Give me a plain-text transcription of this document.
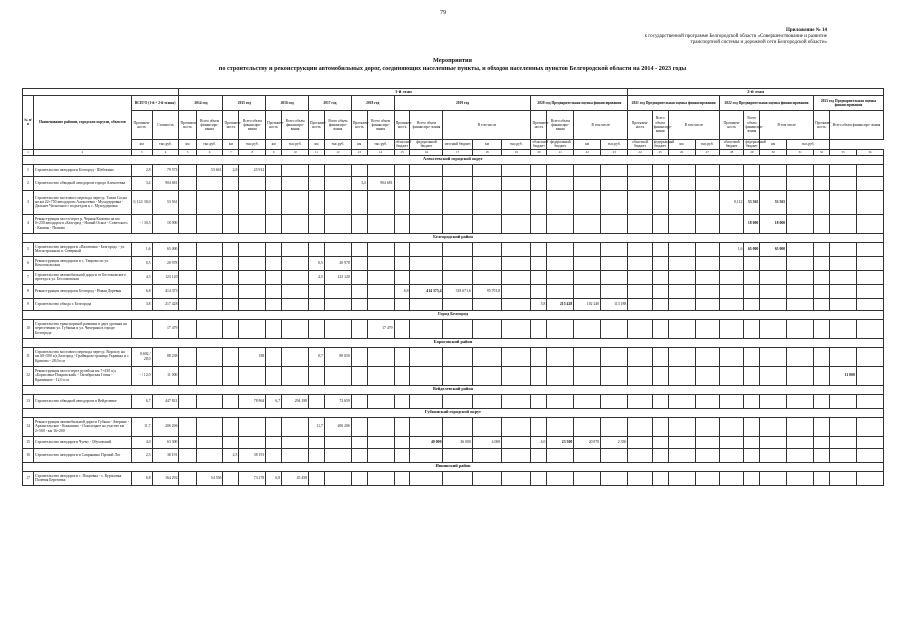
79
Приложение № 14
к государственной программе Белгородской области «Совершенствование и развитие
транспортной системы и дорожной сети Белгородской области»
Мероприятия
по строительству и реконструкции автомобильных дорог, соединяющих населенные пункты, и обходов населенных пунктов Белгородской области на 2014 - 2023 годы
				1-й этап																			2-й этап										
№ п/п	Наименование районов, городских округов, объектов	ВСЕГО (1-й + 2-й этапы)		2014 год		2015 год		2016 год		2017 год		2018 год		2019 год					2020 год Предварительная оценка финансирования				2021 год Предварительная оценка финансирования				2022 год Предварительная оценка финансирования				2023 год Предварительная оценка финансирования		
		Протяжен- ность	Стоимость	Протяжен- ность	Всего объем финансиро- вания	Протяжен- ность	Всего объем финансиро- вания	Протяжен- ность	Всего объем финансиро- вания	Протяжен- ность	Всего объем финансиро- вания	Протяжен- ность	Всего объем финансиро- вания	Протяжен- ность	Всего объем финансиро- вания	В том числе			Протяжен- ность	Всего объем финансиро- вания	В том числе		Протяжен- ность	Всего объем финансиро- вания	В том числе		Протяжен- ность	Всего объем финансиро- вания	В том числе		Протяжен- ность	Всего объем финансиро- вания	
		км	тыс.руб.	км	тыс.руб.	км	тыс.руб.	км	тыс.руб.	км	тыс.руб.	км	тыс.руб.	областной бюджет	федеральный бюджет	местный бюджет	км	тыс.руб.	областной бюджет	федеральный бюджет	км	тыс.руб.	областной бюджет	федеральный бюджет	км	тыс.руб.	областной бюджет	федеральный бюджет	км	тыс.руб.			
1	2	3	4	5	6	7	8	9	10	11	12	13	14	15	16	17	18	19	20	21	22	23	24	25	26	27	28	29	30	31	32	33	34
Алексеевский городской округ																																	
1	Строительство автодороги Белгород - Шебекино	2,8	79 573		53 661	2,8	25 912																										
2	Строительство обводной автодороги города Алексеевка	3,4	904 681									3,4	904 681																				
3	Строительство мостового перехода через р. Тихая Сосна на км 22+750 автодороги Алексеевка - Мухоудеровка - Дальнее Чесночное с подъездом к с. Мухоудеровка	0,112/ 30,0	53 561																								0,112	53 565	53 565				
4	Реконструкция моста через р. Черная Калитва на км 0+250 автодороги «Белгород - Новый Оскол - Советское» - Камень - Пыхово	- / 30,5	18 000																									18 000	18 000				
Белгородский район																																	
5	Строительство автодороги «Палатовка - Белгород» - ул. Магистральная п. Северный	1,6	65 000																								1,6	65 000	65 000				
6	Реконструкция автодороги в с. Таврово по ул. Комсомольская	0,5	20 978							0,5	20 978																						
7	Строительство автомобильной дороги от Бессоновского проезда к ул. Бессоновская	4,5	123 120							4,5	123 120																						
8	Реконструкция автодороги Белгород - Новая Деревня	6,8	414 373											6,8	414 373,4	318 671,6	95 701,8																
9	Строительство обхода г. Белгорода	3,8	217 428																5,8	215 428	102 240	113 188											
Город Белгород																																	
10	Строительство транспортной развязки в двух уровнях на пересечении ул. Губкина и ул. Чичерина в городе Белгороде		17 479										17 479																				
Борисовский район																																	
11	Строительство мостового перехода через р. Ворсклу на км 60+500 а/д Белгород - Грайворон-граница Украины и с. Крапово - 28,0 п.м	0,692 / 28,0	88 238				188			0,7	88 050																						
12	Реконструкция моста через ручей на км 7+430 а/д «Борисовка-Покровский» - Октябрьская Готня - Крапивное - 12,0 п.м	- / 12,0	11 000																													11 000	
Вейделевский район																																	
13	Строительство обводной автодороги в Вейделевке	6,7	447 821				78 864	6,7	294 198		72 659																						
Губкинский городской округ																																	
14	Реконструкция автомобильной дороги Губкин - Аверино - Архангельское - Коньшино - Осколецкое на участке км 2+500 - км 16+200	11,7	206 206							11,7	206 206																						
15	Строительство автодороги Чуево - Обуховский	4,0	63 300												40 000	36 000	4 000		4,0	23 300	20 970	2 330											
16	Строительство автодороги в Сапрыкино Прочий Лог	2,5	38 191			2,5	38 191																										
Ивнянский район																																	
17	Строительство автодороги с. Покровка - с. Курасовка Полевая Березовка	6,8	164 292		54 556		73 278	6,8	45 458																								
